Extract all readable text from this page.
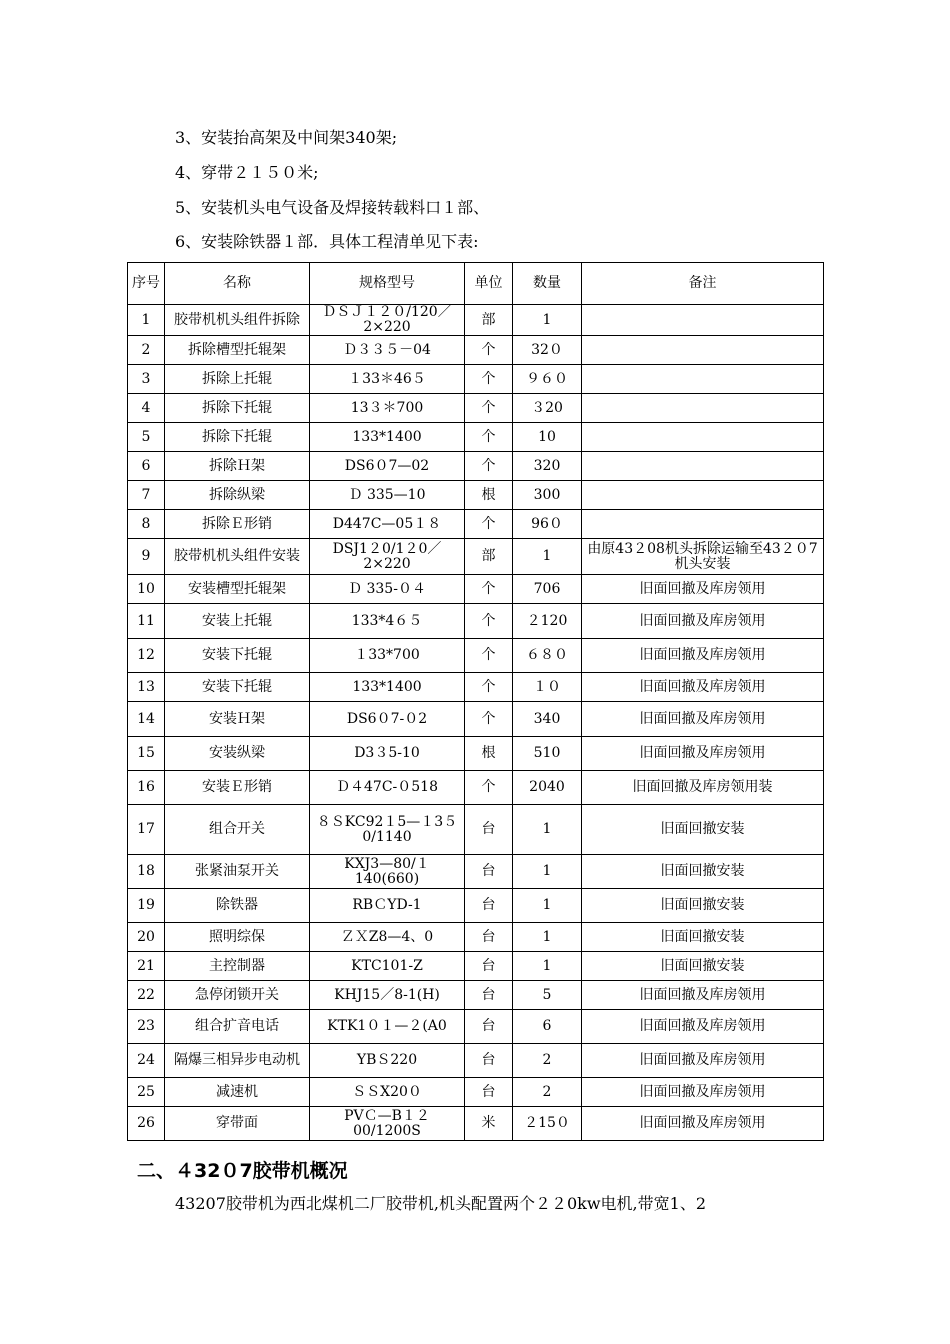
3、安装抬高架及中间架340架;
4、穿带２１５０米;
5、安装机头电气设备及焊接转载料口１部、
6、安装除铁器１部．具体工程清单见下表:
序号	名称	规格型号	单位	数量	备注
1	胶带机机头组件拆除	ＤＳＪ１２０/120／2×220	部	1	
2	拆除槽型托辊架	Ｄ３３５－04	个	32０	
3	拆除上托辊	１33＊46５	个	９６０	
4	拆除下托辊	13３＊700	个	３20	
5	拆除下托辊	133*1400	个	10	
6	拆除Ｈ架	DS6０7—02	个	320	
7	拆除纵梁	Ｄ 335—10	根	300	
8	拆除Ｅ形销	D447C—05１８	个	96０	
9	胶带机机头组件安装	DSJ1２0/1２0／2×220	部	1	由原43２08机头拆除运输至43２０7机头安装
10	安装槽型托辊架	Ｄ 335-０４	个	706	旧面回撤及库房领用
11	安装上托辊	133*4６５	个	２120	旧面回撤及库房领用
12	安装下托辊	１33*700	个	６８０	旧面回撤及库房领用
13	安装下托辊	133*1400	个	１０	旧面回撤及库房领用
14	安装Ｈ架	DS6０7-０2	个	340	旧面回撤及库房领用
15	安装纵梁	D3３5-10	根	510	旧面回撤及库房领用
16	安装Ｅ形销	Ｄ４47C-０518	个	2040	旧面回撤及库房领用装
17	组合开关	８ＳKC92１5—１3５0/1140	台	1	旧面回撤安装
18	张紧油泵开关	KXJ3—80/１140(660)	台	1	旧面回撤安装
19	除铁器	RBＣYD-1	台	1	旧面回撤安装
20	照明综保	ＺＸZ8—4、0	台	1	旧面回撤安装
21	主控制器	KTC101-Z	台	1	旧面回撤安装
22	急停闭锁开关	KHJ15／8-1(H)	台	5	旧面回撤及库房领用
23	组合扩音电话	KTK1０１—２(A0	台	6	旧面回撤及库房领用
24	隔爆三相异步电动机	YBＳ220	台	2	旧面回撤及库房领用
25	减速机	ＳＳX20０	台	2	旧面回撤及库房领用
26	穿带面	PVＣ—B１２00/1200S	米	２15０	旧面回撤及库房领用
二、４32０7胶带机概况
43207胶带机为西北煤机二厂胶带机,机头配置两个２２0kw电机,带宽1、2
